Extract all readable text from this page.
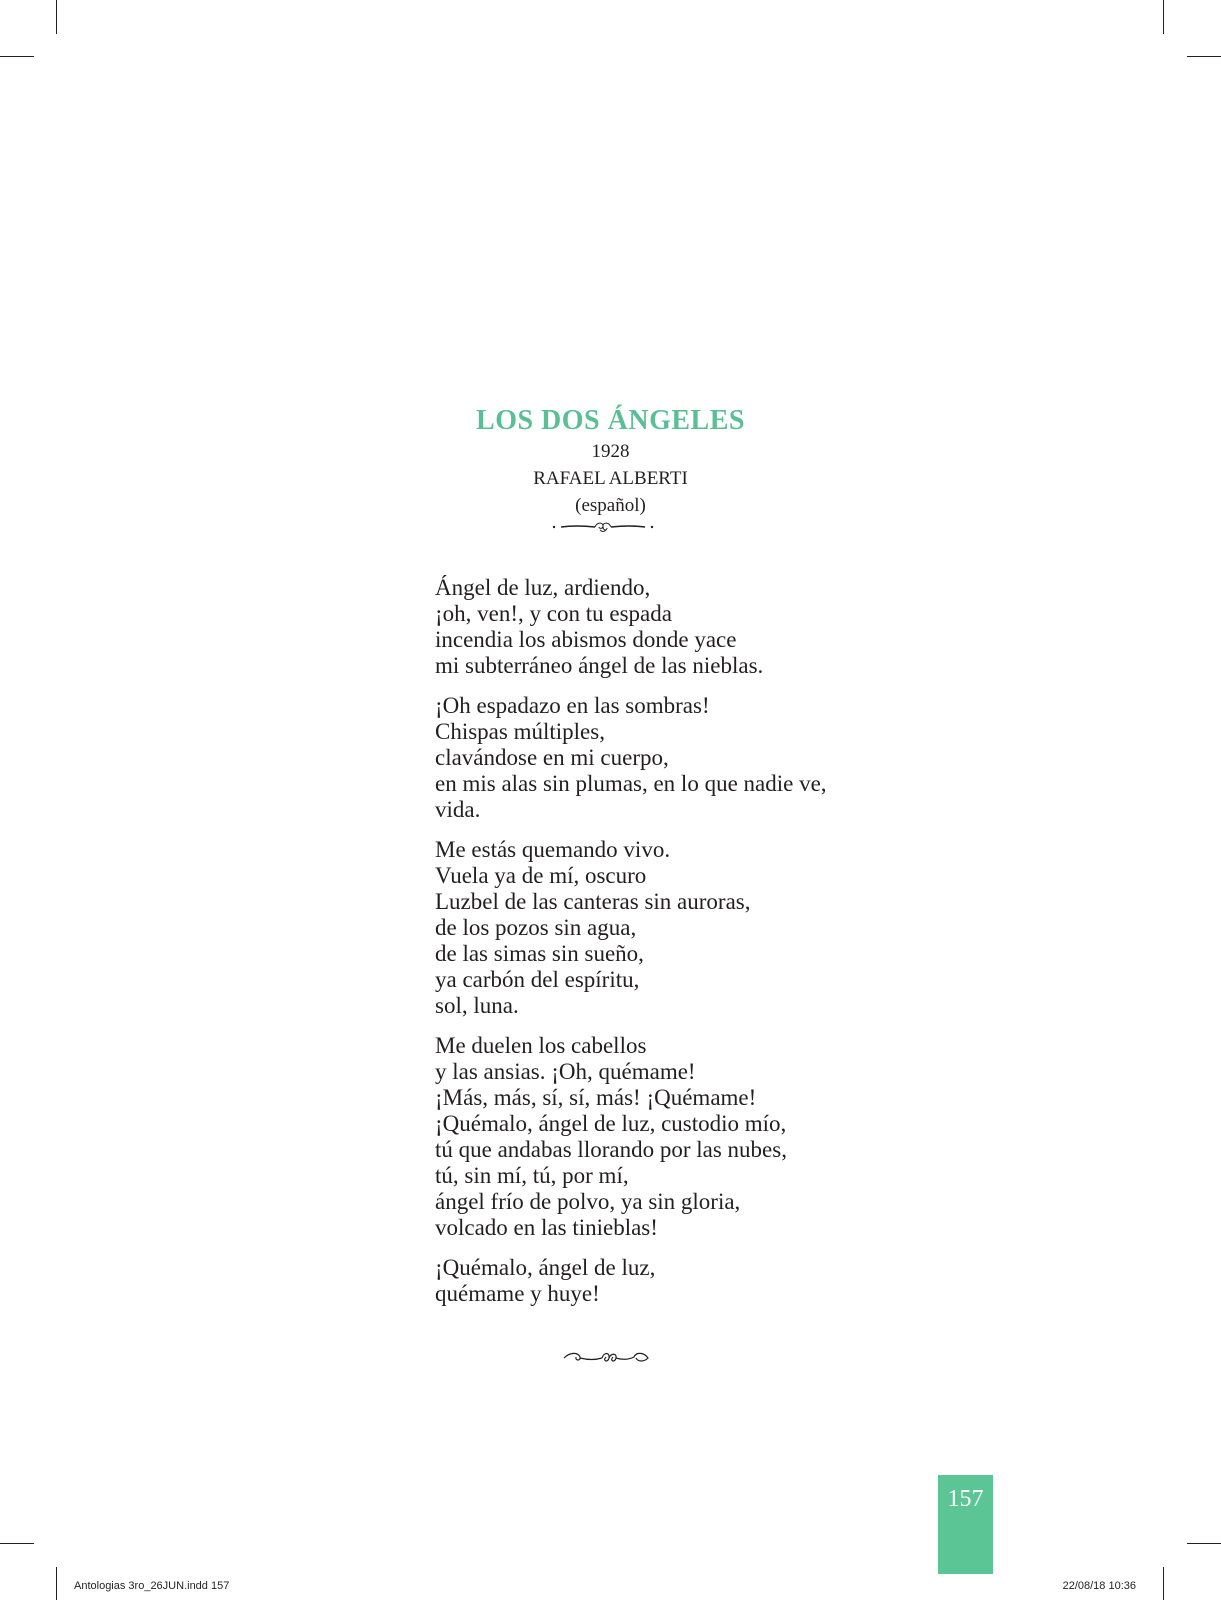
LOS DOS ÁNGELES
1928
RAFAEL ALBERTI
(español)
Ángel de luz, ardiendo,
¡oh, ven!, y con tu espada
incendia los abismos donde yace
mi subterráneo ángel de las nieblas.
¡Oh espadazo en las sombras!
Chispas múltiples,
clavándose en mi cuerpo,
en mis alas sin plumas, en lo que nadie ve,
vida.
Me estás quemando vivo.
Vuela ya de mí, oscuro
Luzbel de las canteras sin auroras,
de los pozos sin agua,
de las simas sin sueño,
ya carbón del espíritu,
sol, luna.
Me duelen los cabellos
y las ansias. ¡Oh, quémame!
¡Más, más, sí, sí, más! ¡Quémame!
¡Quémalo, ángel de luz, custodio mío,
tú que andabas llorando por las nubes,
tú, sin mí, tú, por mí,
ángel frío de polvo, ya sin gloria,
volcado en las tinieblas!
¡Quémalo, ángel de luz,
quémame y huye!
157
Antologias 3ro_26JUN.indd 157	22/08/18 10:36
